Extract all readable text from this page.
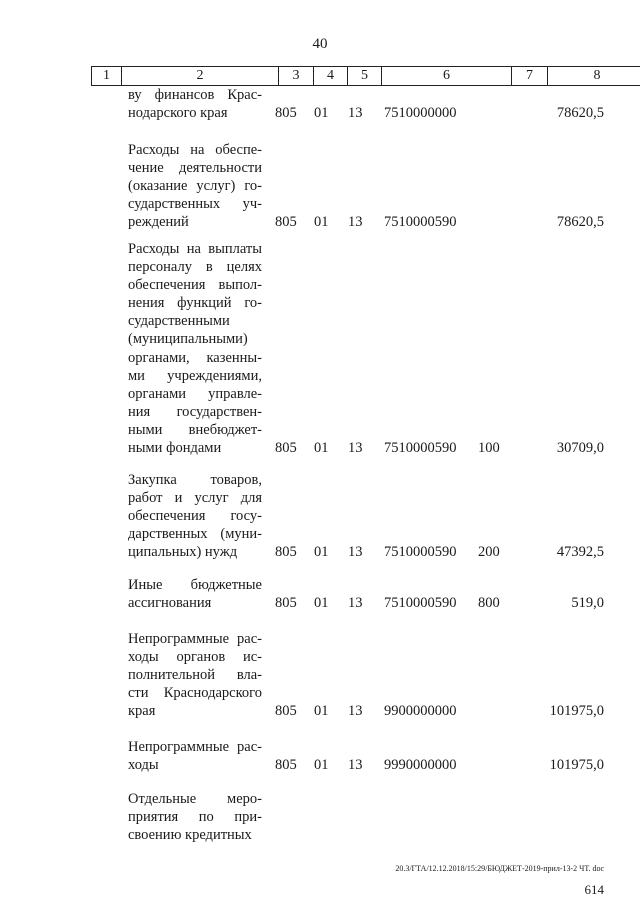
40
1	2	3	4	5	6	7	8
ву финансов Крас-
нодарского края	805 01 13 7510000000	78620,5
Расходы на обеспе-
чение деятельности
(оказание услуг) го-
сударственных уч-
реждений	805 01 13 7510000590	78620,5
Расходы на выплаты
персоналу в целях
обеспечения выпол-
нения функций го-
сударственными
(муниципальными)
органами, казенны-
ми учреждениями,
органами управле-
ния государствен-
ными внебюджет-
ными фондами	805 01 13 7510000590 100	30709,0
Закупка товаров,
работ и услуг для
обеспечения госу-
дарственных (муни-
ципальных) нужд	805 01 13 7510000590 200	47392,5
Иные бюджетные
ассигнования	805 01 13 7510000590 800	519,0
Непрограммные рас-
ходы органов ис-
полнительной вла-
сти Краснодарского
края	805 01 13 9900000000	101975,0
Непрограммные рас-
ходы	805 01 13 9990000000	101975,0
Отдельные меро-
приятия по при-
своению кредитных
20.3/ГТА/12.12.2018/15:29/БЮДЖЕТ-2019-прил-13-2 ЧТ. doc
614
